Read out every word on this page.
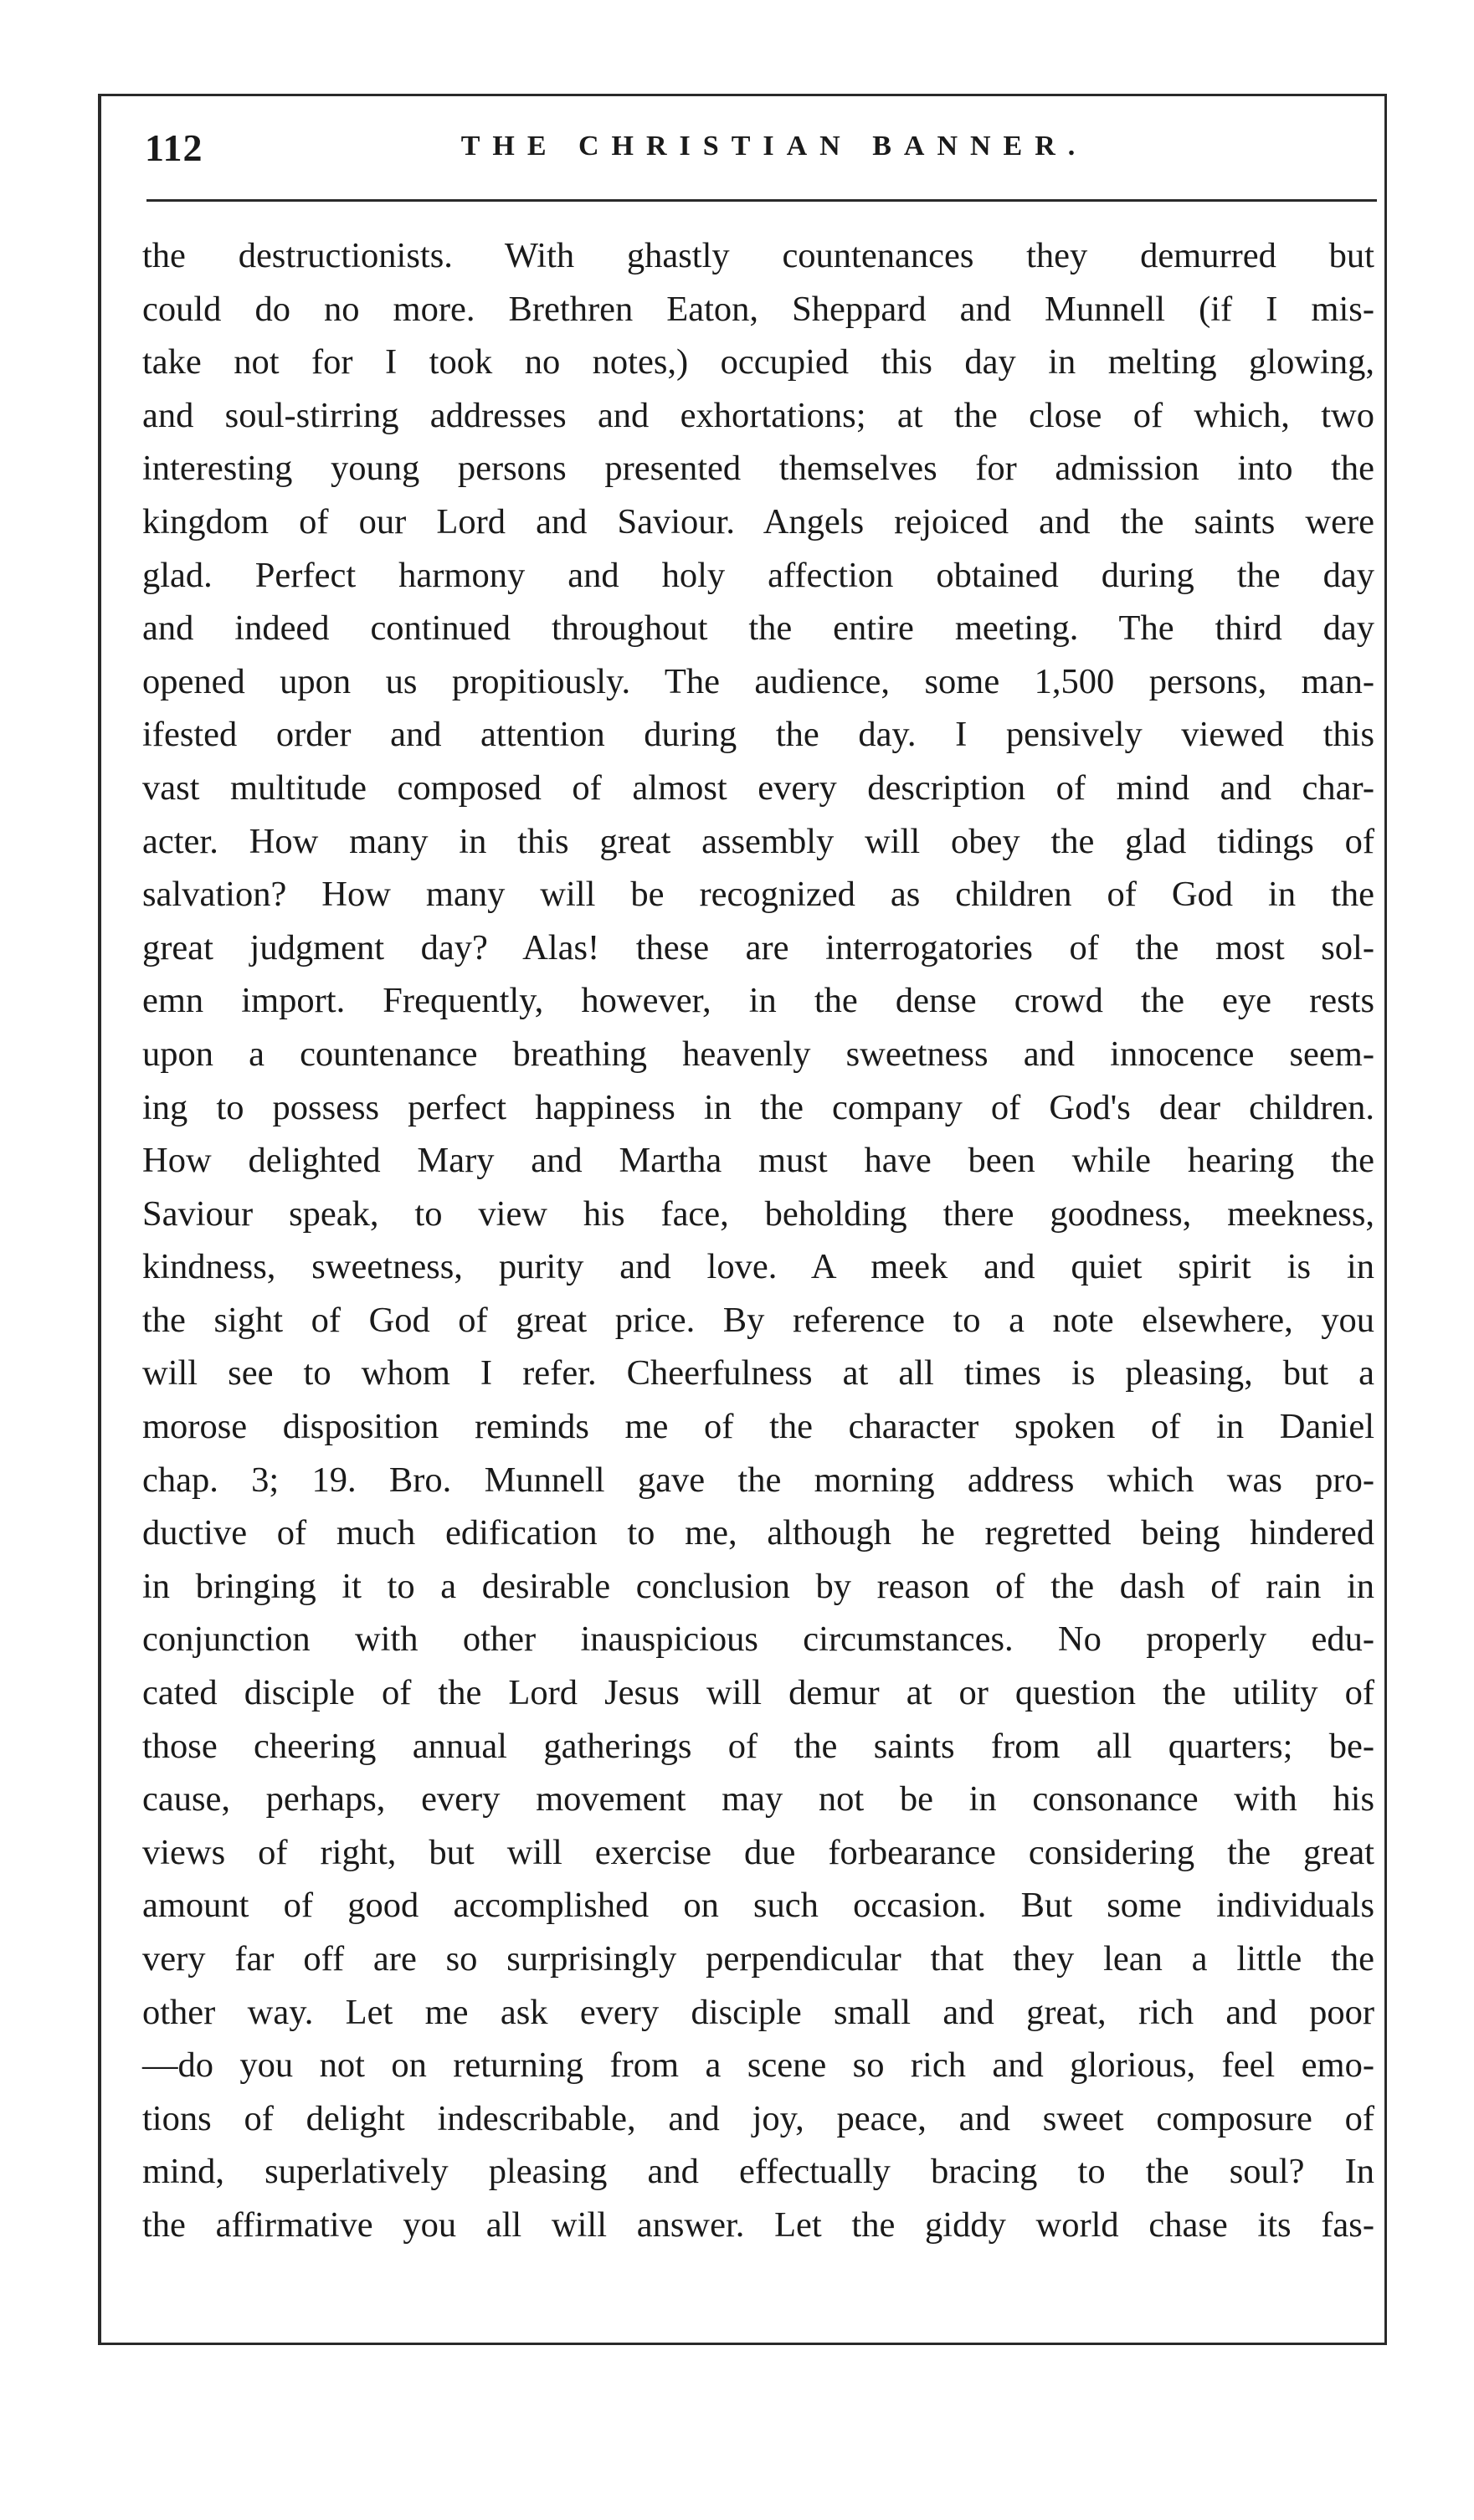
112	THE CHRISTIAN BANNER.
the destructionists. With ghastly countenances they demurred but
could do no more. Brethren Eaton, Sheppard and Munnell (if I mis-
take not for I took no notes,) occupied this day in melting glowing,
and soul-stirring addresses and exhortations; at the close of which, two
interesting young persons presented themselves for admission into the
kingdom of our Lord and Saviour. Angels rejoiced and the saints were
glad. Perfect harmony and holy affection obtained during the day
and indeed continued throughout the entire meeting. The third day
opened upon us propitiously. The audience, some 1,500 persons, man-
ifested order and attention during the day. I pensively viewed this
vast multitude composed of almost every description of mind and char-
acter. How many in this great assembly will obey the glad tidings of
salvation? How many will be recognized as children of God in the
great judgment day? Alas! these are interrogatories of the most sol-
emn import. Frequently, however, in the dense crowd the eye rests
upon a countenance breathing heavenly sweetness and innocence seem-
ing to possess perfect happiness in the company of God's dear children.
How delighted Mary and Martha must have been while hearing the
Saviour speak, to view his face, beholding there goodness, meekness,
kindness, sweetness, purity and love. A meek and quiet spirit is in
the sight of God of great price. By reference to a note elsewhere, you
will see to whom I refer. Cheerfulness at all times is pleasing, but a
morose disposition reminds me of the character spoken of in Daniel
chap. 3; 19. Bro. Munnell gave the morning address which was pro-
ductive of much edification to me, although he regretted being hindered
in bringing it to a desirable conclusion by reason of the dash of rain in
conjunction with other inauspicious circumstances. No properly edu-
cated disciple of the Lord Jesus will demur at or question the utility of
those cheering annual gatherings of the saints from all quarters; be-
cause, perhaps, every movement may not be in consonance with his
views of right, but will exercise due forbearance considering the great
amount of good accomplished on such occasion. But some individuals
very far off are so surprisingly perpendicular that they lean a little the
other way. Let me ask every disciple small and great, rich and poor
—do you not on returning from a scene so rich and glorious, feel emo-
tions of delight indescribable, and joy, peace, and sweet composure of
mind, superlatively pleasing and effectually bracing to the soul? In
the affirmative you all will answer. Let the giddy world chase its fas-
